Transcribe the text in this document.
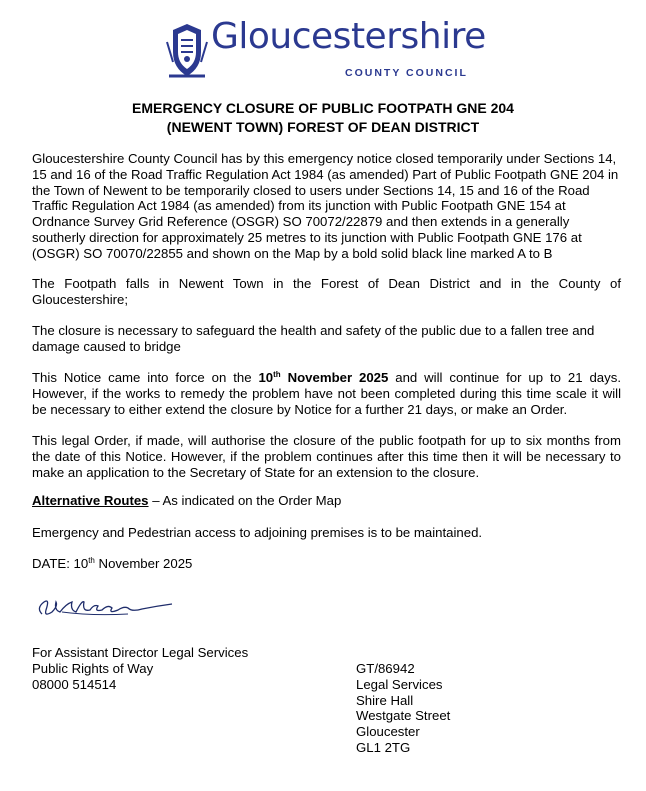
Gloucestershire
COUNTY COUNCIL
EMERGENCY CLOSURE OF PUBLIC FOOTPATH GNE 204
(NEWENT TOWN) FOREST OF DEAN DISTRICT

Gloucestershire County Council has by this emergency notice closed temporarily under Sections 14, 15 and 16 of the Road Traffic Regulation Act 1984 (as amended) Part of Public Footpath GNE 204 in the Town of Newent to be temporarily closed to users under Sections 14, 15 and 16 of the Road Traffic Regulation Act 1984 (as amended) from its junction with Public Footpath GNE 154 at Ordnance Survey Grid Reference (OSGR) SO 70072/22879 and then extends in a generally southerly direction for approximately 25 metres to its junction with Public Footpath GNE 176 at (OSGR) SO 70070/22855 and shown on the Map by a bold solid black line marked A to B

The Footpath falls in Newent Town in the Forest of Dean District and in the County of Gloucestershire;

The closure is necessary to safeguard the health and safety of the public due to a fallen tree and damage caused to bridge

This Notice came into force on the 10th November 2025 and will continue for up to 21 days. However, if the works to remedy the problem have not been completed during this time scale it will be necessary to either extend the closure by Notice for a further 21 days, or make an Order.

This legal Order, if made, will authorise the closure of the public footpath for up to six months from the date of this Notice. However, if the problem continues after this time then it will be necessary to make an application to the Secretary of State for an extension to the closure.

Alternative Routes – As indicated on the Order Map

Emergency and Pedestrian access to adjoining premises is to be maintained.

DATE: 10th November 2025

For Assistant Director Legal Services
Public Rights of Way
08000 514514
GT/86942
Legal Services
Shire Hall
Westgate Street
Gloucester
GL1 2TG
